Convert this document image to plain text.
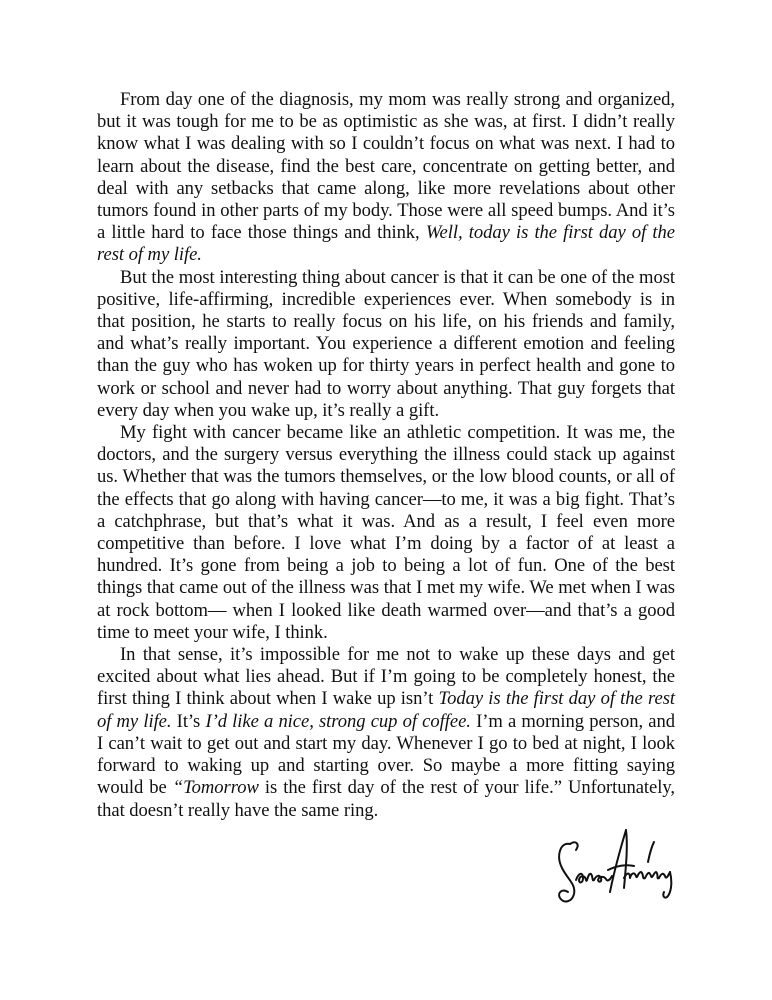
From day one of the diagnosis, my mom was really strong and organized, but it was tough for me to be as optimistic as she was, at first. I didn’t really know what I was dealing with so I couldn’t focus on what was next. I had to learn about the disease, find the best care, concentrate on getting better, and deal with any setbacks that came along, like more revelations about other tumors found in other parts of my body. Those were all speed bumps. And it’s a little hard to face those things and think, Well, today is the first day of the rest of my life.

But the most interesting thing about cancer is that it can be one of the most positive, life-affirming, incredible experiences ever. When somebody is in that position, he starts to really focus on his life, on his friends and family, and what’s really important. You experience a different emotion and feeling than the guy who has woken up for thirty years in perfect health and gone to work or school and never had to worry about anything. That guy forgets that every day when you wake up, it’s really a gift.

My fight with cancer became like an athletic competition. It was me, the doctors, and the surgery versus everything the illness could stack up against us. Whether that was the tumors themselves, or the low blood counts, or all of the effects that go along with having cancer—to me, it was a big fight. That’s a catchphrase, but that’s what it was. And as a result, I feel even more competitive than before. I love what I’m doing by a factor of at least a hundred. It’s gone from being a job to being a lot of fun. One of the best things that came out of the illness was that I met my wife. We met when I was at rock bottom— when I looked like death warmed over—and that’s a good time to meet your wife, I think.

In that sense, it’s impossible for me not to wake up these days and get excited about what lies ahead. But if I’m going to be completely honest, the first thing I think about when I wake up isn’t Today is the first day of the rest of my life. It’s I’d like a nice, strong cup of coffee. I’m a morning person, and I can’t wait to get out and start my day. Whenever I go to bed at night, I look forward to waking up and starting over. So maybe a more fitting saying would be “Tomorrow is the first day of the rest of your life.” Unfortunately, that doesn’t really have the same ring.
